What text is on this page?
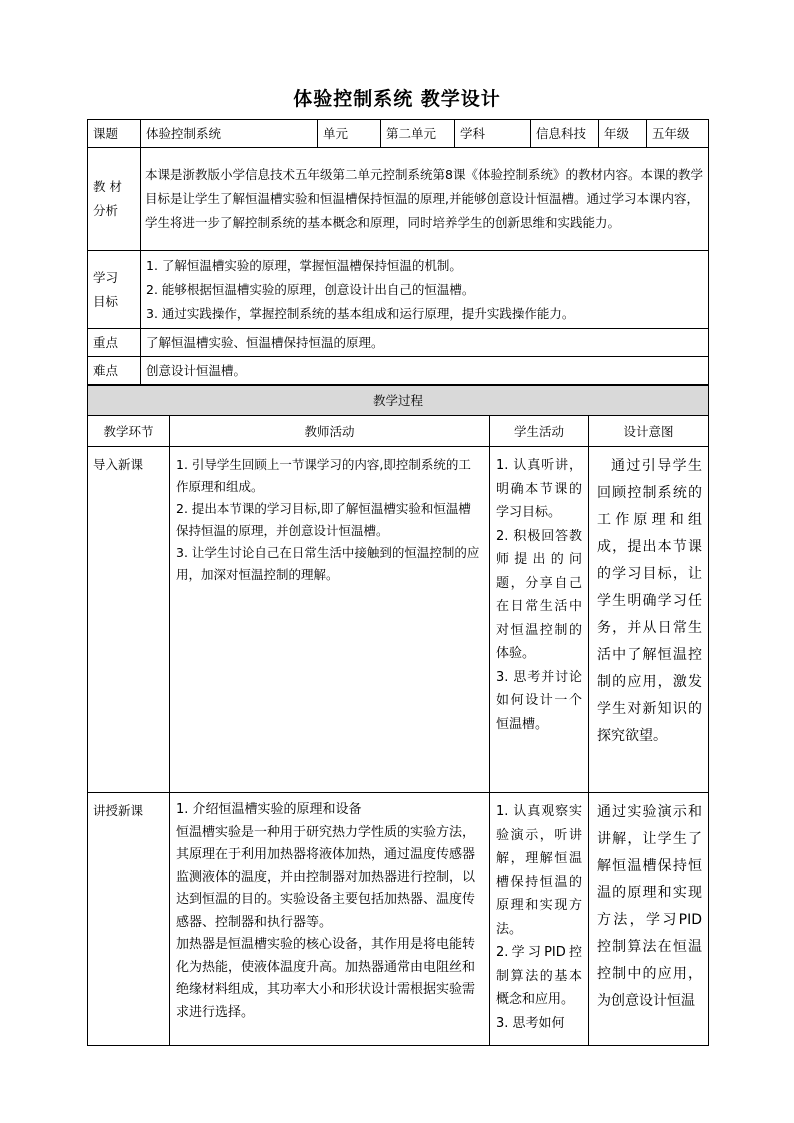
体验控制系统 教学设计
课题	体验控制系统	单元	第二单元	学科	信息科技	年级	五年级

教 材
分析	本课是浙教版小学信息技术五年级第二单元控制系统第8课《体验控制系统》的教材内容。本课的教学目标是让学生了解恒温槽实验和恒温槽保持恒温的原理,并能够创意设计恒温槽。通过学习本课内容，学生将进一步了解控制系统的基本概念和原理，同时培养学生的创新思维和实践能力。						

学习
目标	1. 了解恒温槽实验的原理，掌握恒温槽保持恒温的机制。
2. 能够根据恒温槽实验的原理，创意设计出自己的恒温槽。
3. 通过实践操作，掌握控制系统的基本组成和运行原理，提升实践操作能力。						

重点	了解恒温槽实验、恒温槽保持恒温的原理。						
难点	创意设计恒温槽。						
教学过程			
教学环节	教师活动	学生活动	设计意图
导入新课	1. 引导学生回顾上一节课学习的内容,即控制系统的工作原理和组成。
2. 提出本节课的学习目标,即了解恒温槽实验和恒温槽保持恒温的原理，并创意设计恒温槽。
3. 让学生讨论自己在日常生活中接触到的恒温控制的应用，加深对恒温控制的理解。	1. 认真听讲，明确本节课的学习目标。
2. 积极回答教师提出的问题，分享自己在日常生活中对恒温控制的体验。
3. 思考并讨论如何设计一个恒温槽。	通过引导学生回顾控制系统的工作原理和组成，提出本节课的学习目标，让学生明确学习任务，并从日常生活中了解恒温控制的应用，激发学生对新知识的探究欲望。

讲授新课	1. 介绍恒温槽实验的原理和设备
恒温槽实验是一种用于研究热力学性质的实验方法，其原理在于利用加热器将液体加热，通过温度传感器监测液体的温度，并由控制器对加热器进行控制，以达到恒温的目的。实验设备主要包括加热器、温度传感器、控制器和执行器等。
加热器是恒温槽实验的核心设备，其作用是将电能转化为热能，使液体温度升高。加热器通常由电阻丝和绝缘材料组成，其功率大小和形状设计需根据实验需求进行选择。	1. 认真观察实验演示，听讲解，理解恒温槽保持恒温的原理和实现方法。
2.学习PID控制算法的基本概念和应用。
3. 思考如何	通过实验演示和讲解，让学生了解恒温槽保持恒温的原理和实现方法，学习PID控制算法在恒温控制中的应用，为创意设计恒温
